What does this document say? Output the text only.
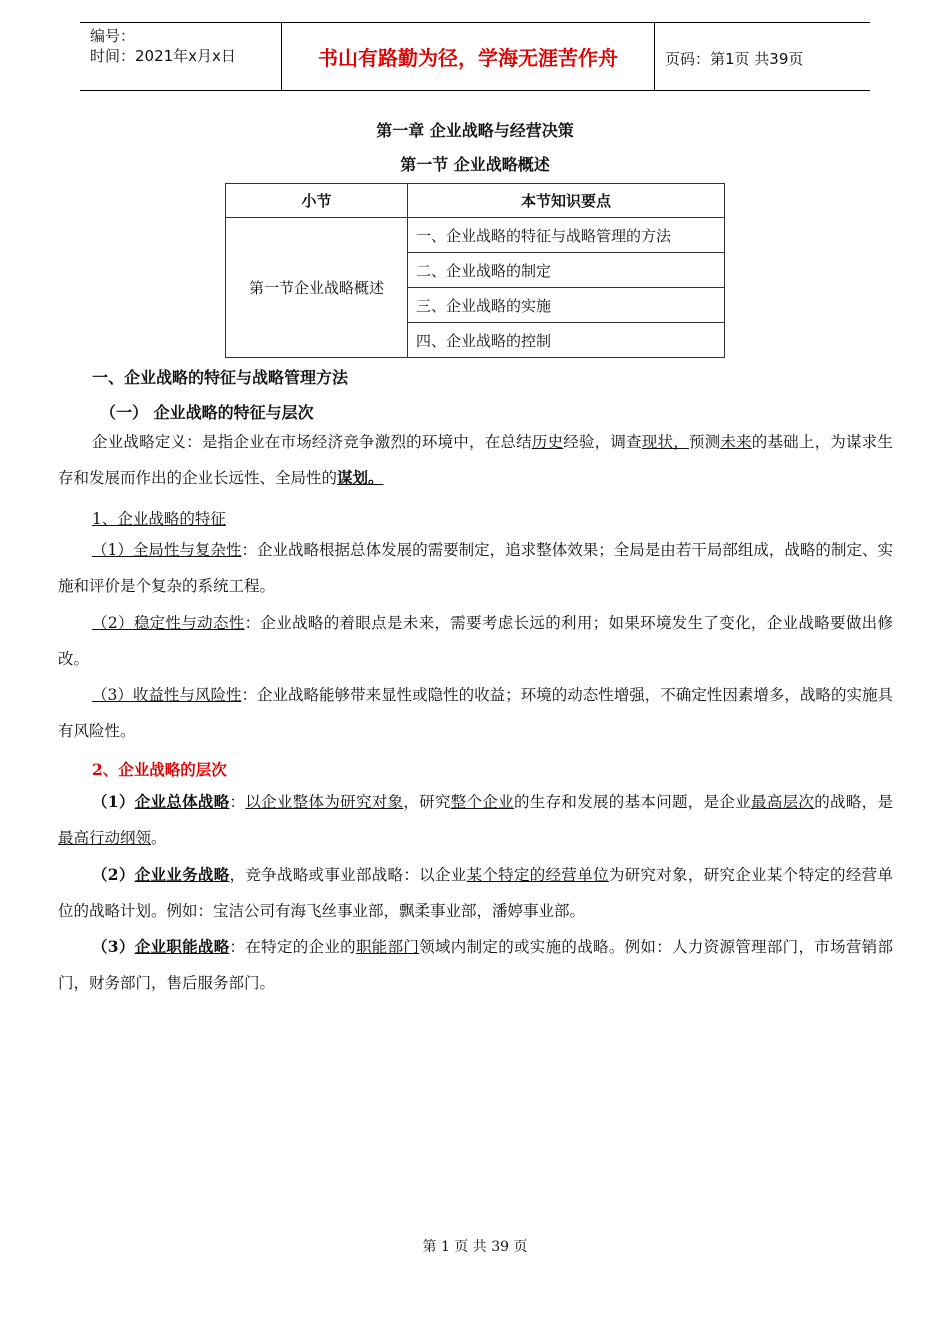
编号：
时间：2021年x月x日	书山有路勤为径，学海无涯苦作舟	页码：第1页 共39页
第一章 企业战略与经营决策
第一节 企业战略概述
小节	本节知识要点
第一节企业战略概述	一、企业战略的特征与战略管理的方法
	二、企业战略的制定
	三、企业战略的实施
	四、企业战略的控制
一、企业战略的特征与战略管理方法
（一） 企业战略的特征与层次
企业战略定义：是指企业在市场经济竞争激烈的环境中，在总结历史经验，调查现状，预测未来的基础上，为谋求生存和发展而作出的企业长远性、全局性的谋划。
1、企业战略的特征
（1）全局性与复杂性：企业战略根据总体发展的需要制定，追求整体效果；全局是由若干局部组成，战略的制定、实施和评价是个复杂的系统工程。
（2）稳定性与动态性：企业战略的着眼点是未来，需要考虑长远的利用；如果环境发生了变化，企业战略要做出修改。
（3）收益性与风险性：企业战略能够带来显性或隐性的收益；环境的动态性增强，不确定性因素增多，战略的实施具有风险性。
2、企业战略的层次
（1）企业总体战略：以企业整体为研究对象，研究整个企业的生存和发展的基本问题，是企业最高层次的战略，是最高行动纲领。
（2）企业业务战略，竞争战略或事业部战略：以企业某个特定的经营单位为研究对象，研究企业某个特定的经营单位的战略计划。例如：宝洁公司有海飞丝事业部，飘柔事业部，潘婷事业部。
（3）企业职能战略：在特定的企业的职能部门领域内制定的或实施的战略。例如：人力资源管理部门，市场营销部门，财务部门，售后服务部门。
第 1 页 共 39 页
